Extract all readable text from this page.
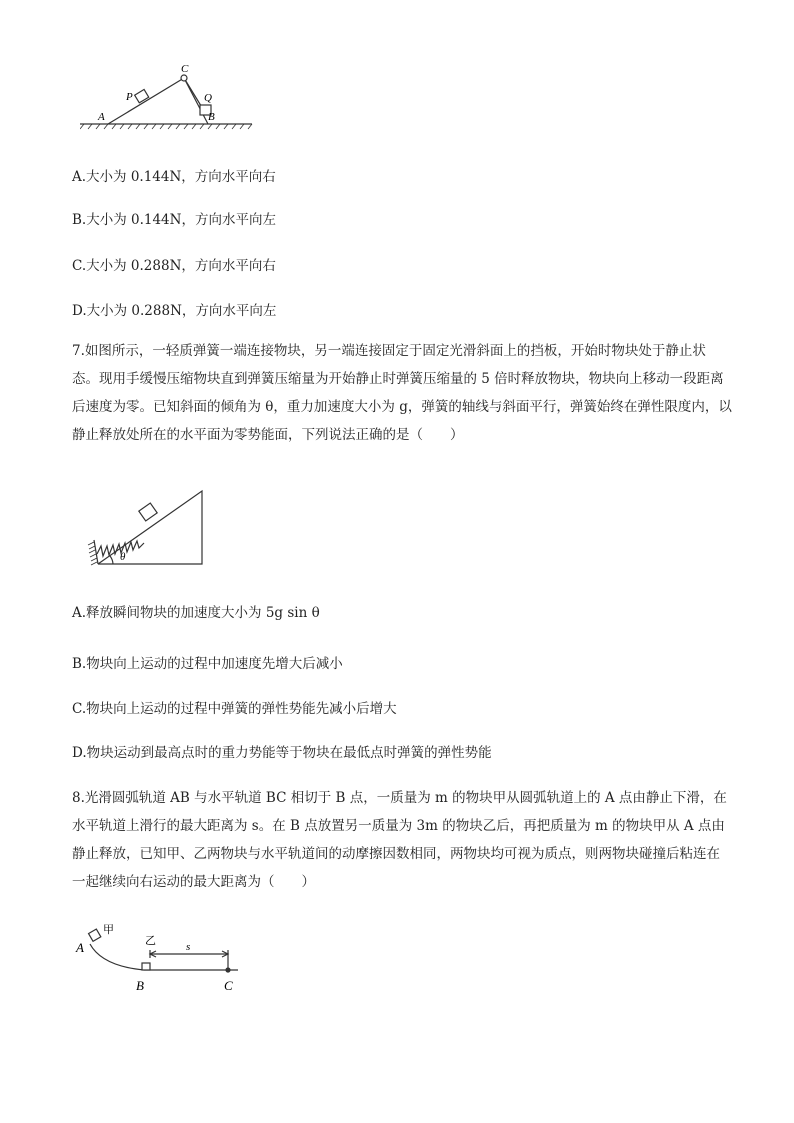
A
P
C
Q
B
A.大小为 0.144N，方向水平向右
B.大小为 0.144N，方向水平向左
C.大小为 0.288N，方向水平向右
D.大小为 0.288N，方向水平向左
7.如图所示，一轻质弹簧一端连接物块，另一端连接固定于固定光滑斜面上的挡板，开始时物块处于静止状态。现用手缓慢压缩物块直到弹簧压缩量为开始静止时弹簧压缩量的 5 倍时释放物块，物块向上移动一段距离后速度为零。已知斜面的倾角为 θ，重力加速度大小为 g，弹簧的轴线与斜面平行，弹簧始终在弹性限度内，以静止释放处所在的水平面为零势能面，下列说法正确的是（　　）
θ
A.释放瞬间物块的加速度大小为 5g sin θ
B.物块向上运动的过程中加速度先增大后减小
C.物块向上运动的过程中弹簧的弹性势能先减小后增大
D.物块运动到最高点时的重力势能等于物块在最低点时弹簧的弹性势能
8.光滑圆弧轨道 AB 与水平轨道 BC 相切于 B 点，一质量为 m 的物块甲从圆弧轨道上的 A 点由静止下滑，在水平轨道上滑行的最大距离为 s。在 B 点放置另一质量为 3m 的物块乙后，再把质量为 m 的物块甲从 A 点由静止释放，已知甲、乙两物块与水平轨道间的动摩擦因数相同，两物块均可视为质点，则两物块碰撞后粘连在一起继续向右运动的最大距离为（　　）
A
甲
乙	s
B	C
